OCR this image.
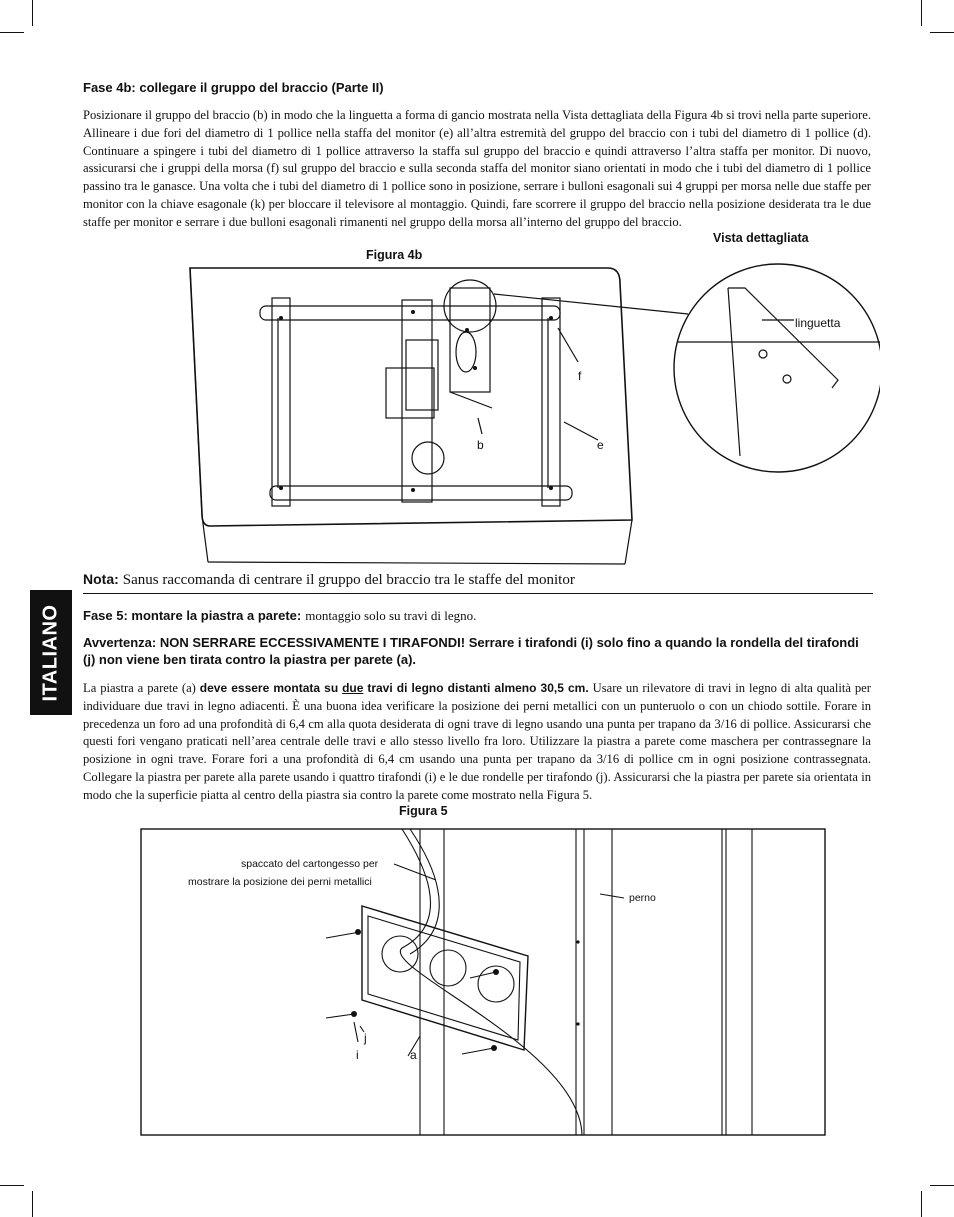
Fase 4b: collegare il gruppo del braccio (Parte II)

Posizionare il gruppo del braccio (b) in modo che la linguetta a forma di gancio mostrata nella Vista dettagliata della Figura 4b si trovi nella parte superiore. Allineare i due fori del diametro di 1 pollice nella staffa del monitor (e) all’altra estremità del gruppo del braccio con i tubi del diametro di 1 pollice (d). Continuare a spingere i tubi del diametro di 1 pollice attraverso la staffa sul gruppo del braccio e quindi attraverso l’altra staffa per monitor. Di nuovo, assicurarsi che i gruppi della morsa (f) sul gruppo del braccio e sulla seconda staffa del monitor siano orientati in modo che i tubi del diametro di 1 pollice passino tra le ganasce. Una volta che i tubi del diametro di 1 pollice sono in posizione, serrare i bulloni esagonali sui 4 gruppi per morsa nelle due staffe per monitor con la chiave esagonale (k) per bloccare il televisore al montaggio. Quindi, fare scorrere il gruppo del braccio nella posizione desiderata tra le due staffe per monitor e serrare i due bulloni esagonali rimanenti nel gruppo della morsa all’interno del gruppo del braccio.

Figura 4b
Vista dettagliata
f
b	e
linguetta
Nota: Sanus raccomanda di centrare il gruppo del braccio tra le staffe del monitor
ITALIANO Fase 5: montare la piastra a parete: montaggio solo su travi di legno.
Avvertenza: NON SERRARE ECCESSIVAMENTE I TIRAFONDI! Serrare i tirafondi (i) solo fino a quando la rondella del tirafondi (j) non viene ben tirata contro la piastra per parete (a).

La piastra a parete (a) deve essere montata su due travi di legno distanti almeno 30,5 cm. Usare un rilevatore di travi in legno di alta qualità per individuare due travi in legno adiacenti. È una buona idea verificare la posizione dei perni metallici con un punteruolo o con un chiodo sottile. Forare in precedenza un foro ad una profondità di 6,4 cm alla quota desiderata di ogni trave di legno usando una punta per trapano da 3/16 di pollice. Assicurarsi che questi fori vengano praticati nell’area centrale delle travi e allo stesso livello fra loro. Utilizzare la piastra a parete come maschera per contrassegnare la posizione in ogni trave. Forare fori a una profondità di 6,4 cm usando una punta per trapano da 3/16 di pollice cm in ogni posizione contrassegnata. Collegare la piastra per parete alla parete usando i quattro tirafondi (i) e le due rondelle per tirafondo (j). Assicurarsi che la piastra per parete sia orientata in modo che la superficie piatta al centro della piastra sia contro la parete come mostrato nella Figura 5.

Figura 5
spaccato del cartongesso per
mostrare la posizione dei perni metallici
perno
j
i	a
